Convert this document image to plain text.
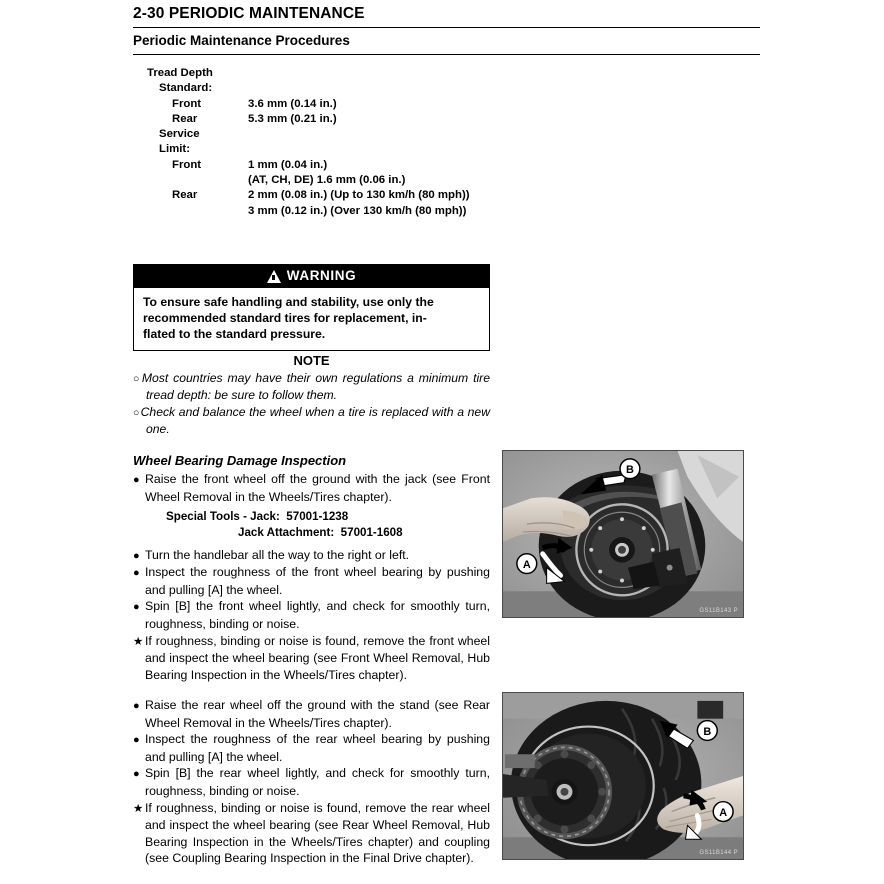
2-30 PERIODIC MAINTENANCE
Periodic Maintenance Procedures
Tread Depth
Standard:
Front	3.6 mm (0.14 in.)
Rear	5.3 mm (0.21 in.)
Service
Limit:
Front	1 mm (0.04 in.)
(AT, CH, DE) 1.6 mm (0.06 in.)
Rear	2 mm (0.08 in.) (Up to 130 km/h (80 mph))
3 mm (0.12 in.) (Over 130 km/h (80 mph))
WARNING
To ensure safe handling and stability, use only the
recommended standard tires for replacement, in-
flated to the standard pressure.
NOTE
○Most countries may have their own regulations a minimum tire tread depth: be sure to follow them.
○Check and balance the wheel when a tire is replaced with a new one.
Wheel Bearing Damage Inspection
● Raise the front wheel off the ground with the jack (see Front Wheel Removal in the Wheels/Tires chapter).
Special Tools - Jack: 57001-1238
Jack Attachment: 57001-1608
● Turn the handlebar all the way to the right or left.
● Inspect the roughness of the front wheel bearing by pushing and pulling [A] the wheel.
● Spin [B] the front wheel lightly, and check for smoothly turn, roughness, binding or noise.
★ If roughness, binding or noise is found, remove the front wheel and inspect the wheel bearing (see Front Wheel Removal, Hub Bearing Inspection in the Wheels/Tires chapter).
● Raise the rear wheel off the ground with the stand (see Rear Wheel Removal in the Wheels/Tires chapter).
● Inspect the roughness of the rear wheel bearing by pushing and pulling [A] the wheel.
● Spin [B] the rear wheel lightly, and check for smoothly turn, roughness, binding or noise.
★ If roughness, binding or noise is found, remove the rear wheel and inspect the wheel bearing (see Rear Wheel Removal, Hub Bearing Inspection in the Wheels/Tires chapter) and coupling (see Coupling Bearing Inspection in the Final Drive chapter).
B
A
GS11B143 P
B
A
GS11B144 P
